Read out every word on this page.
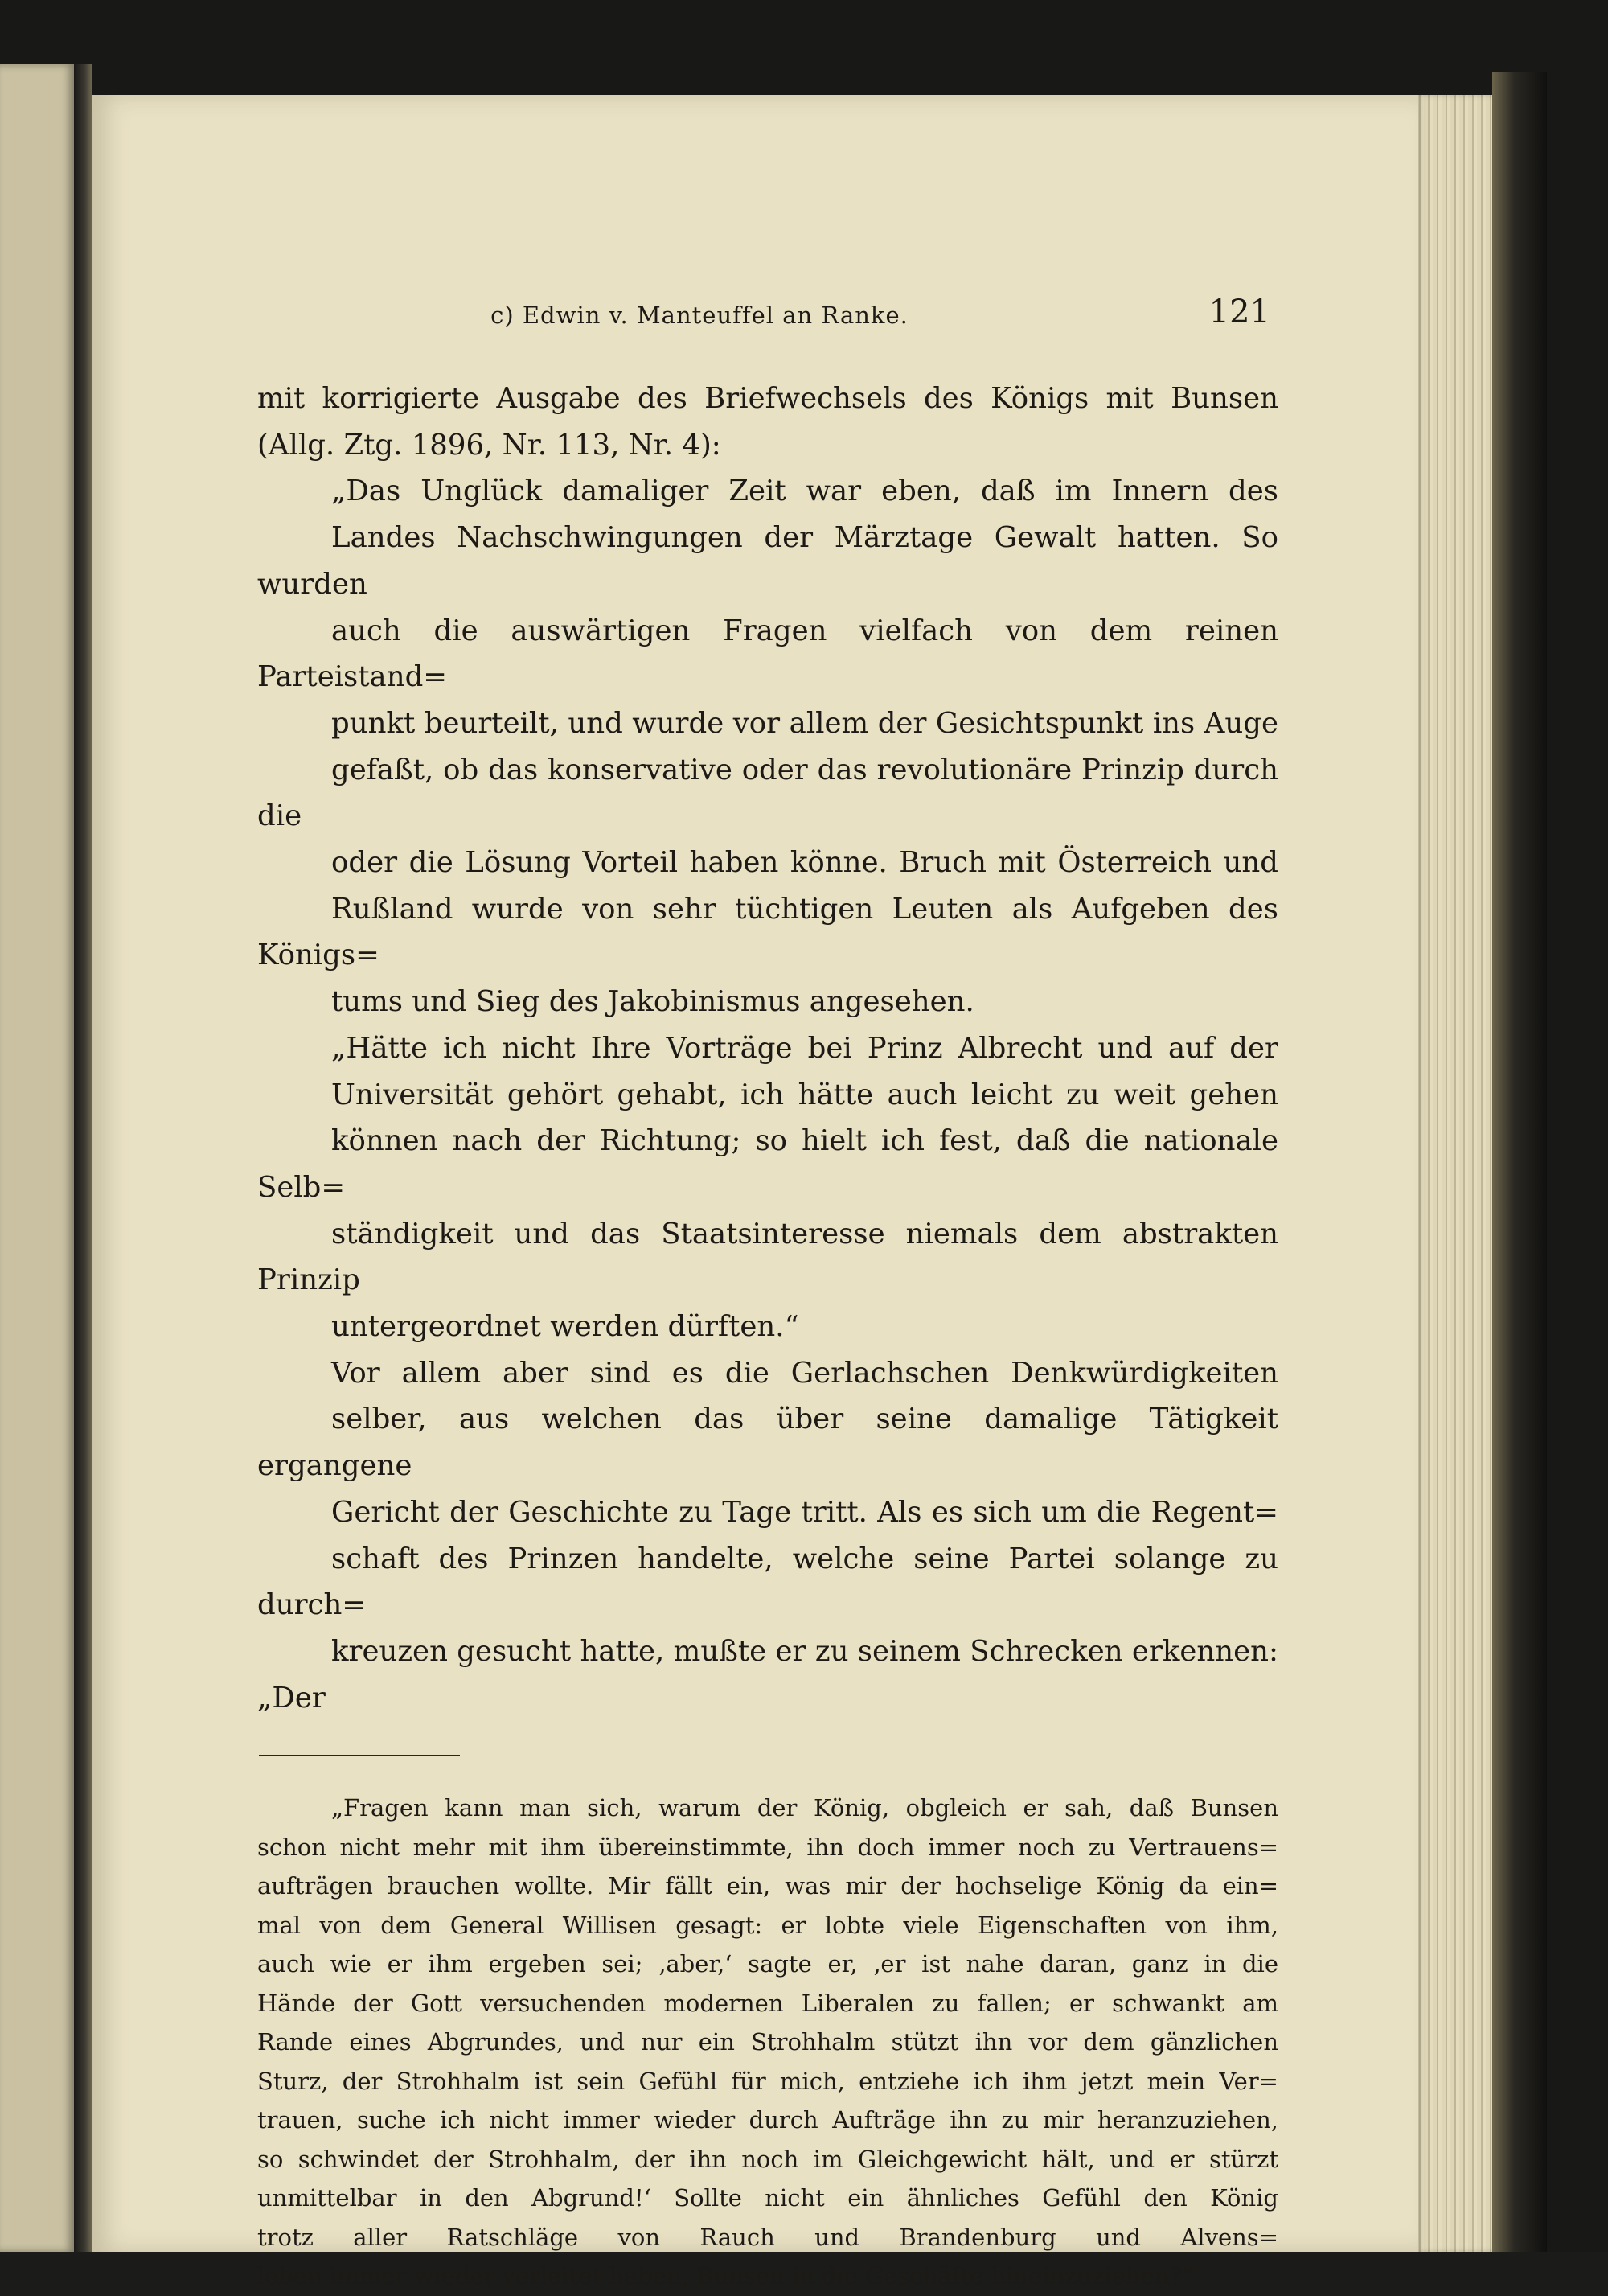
c) Edwin v. Manteuffel an Ranke.	121

mit korrigierte Ausgabe des Briefwechsels des Königs mit Bunsen
(Allg. Ztg. 1896, Nr. 113, Nr. 4):

„Das Unglück damaliger Zeit war eben, daß im Innern des
Landes Nachschwingungen der Märztage Gewalt hatten. So wurden
auch die auswärtigen Fragen vielfach von dem reinen Parteistand=
punkt beurteilt, und wurde vor allem der Gesichtspunkt ins Auge
gefaßt, ob das konservative oder das revolutionäre Prinzip durch die
oder die Lösung Vorteil haben könne. Bruch mit Österreich und
Rußland wurde von sehr tüchtigen Leuten als Aufgeben des Königs=
tums und Sieg des Jakobinismus angesehen.

„Hätte ich nicht Ihre Vorträge bei Prinz Albrecht und auf der
Universität gehört gehabt, ich hätte auch leicht zu weit gehen
können nach der Richtung; so hielt ich fest, daß die nationale Selb=
ständigkeit und das Staatsinteresse niemals dem abstrakten Prinzip
untergeordnet werden dürften.“

Vor allem aber sind es die Gerlachschen Denkwürdigkeiten
selber, aus welchen das über seine damalige Tätigkeit ergangene
Gericht der Geschichte zu Tage tritt. Als es sich um die Regent=
schaft des Prinzen handelte, welche seine Partei solange zu durch=
kreuzen gesucht hatte, mußte er zu seinem Schrecken erkennen: „Der

„Fragen kann man sich, warum der König, obgleich er sah, daß Bunsen
schon nicht mehr mit ihm übereinstimmte, ihn doch immer noch zu Vertrauens=
aufträgen brauchen wollte. Mir fällt ein, was mir der hochselige König da ein=
mal von dem General Willisen gesagt: er lobte viele Eigenschaften von ihm,
auch wie er ihm ergeben sei; ‚aber,‘ sagte er, ‚er ist nahe daran, ganz in die
Hände der Gott versuchenden modernen Liberalen zu fallen; er schwankt am
Rande eines Abgrundes, und nur ein Strohhalm stützt ihn vor dem gänzlichen
Sturz, der Strohhalm ist sein Gefühl für mich, entziehe ich ihm jetzt mein Ver=
trauen, suche ich nicht immer wieder durch Aufträge ihn zu mir heranzuziehen,
so schwindet der Strohhalm, der ihn noch im Gleichgewicht hält, und er stürzt
unmittelbar in den Abgrund!‘ Sollte nicht ein ähnliches Gefühl den König
trotz aller Ratschläge von Rauch und Brandenburg und Alvens=
leben immer wieder verleitet haben, Bunsen in die Geschäfte hineinzuziehen?“
